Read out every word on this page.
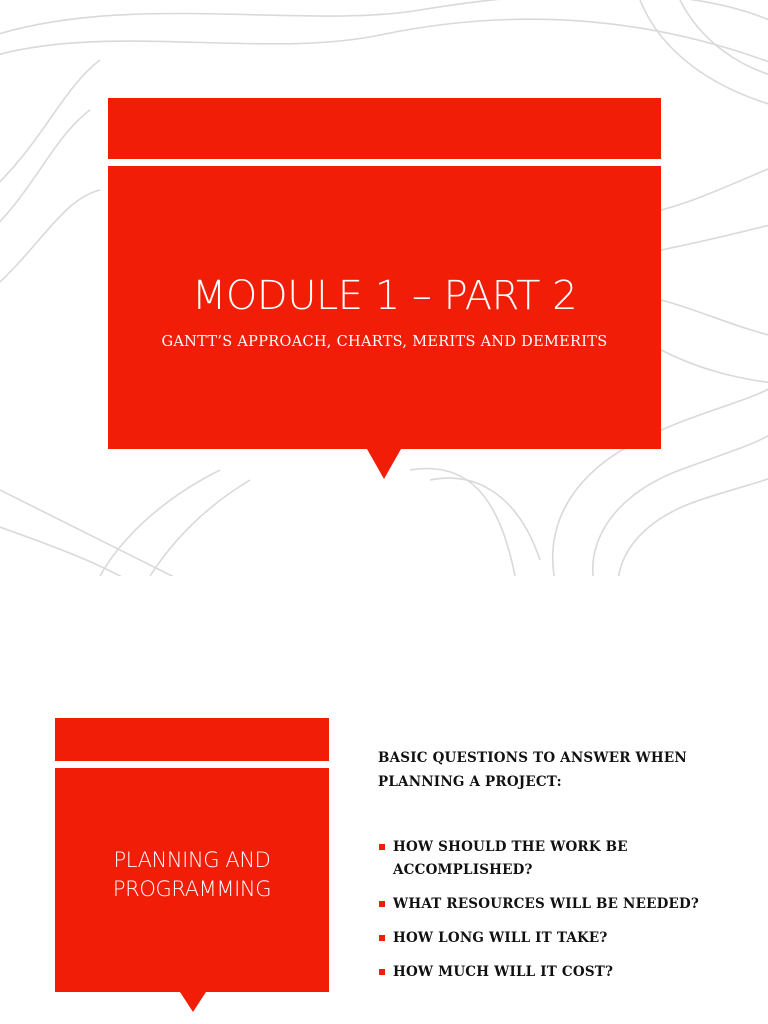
MODULE 1 – PART 2
GANTT’S APPROACH, CHARTS, MERITS AND DEMERITS
PLANNING AND
PROGRAMMING
BASIC QUESTIONS TO ANSWER WHEN
PLANNING A PROJECT:
HOW SHOULD THE WORK BE
ACCOMPLISHED?
WHAT RESOURCES WILL BE NEEDED?
HOW LONG WILL IT TAKE?
HOW MUCH WILL IT COST?
